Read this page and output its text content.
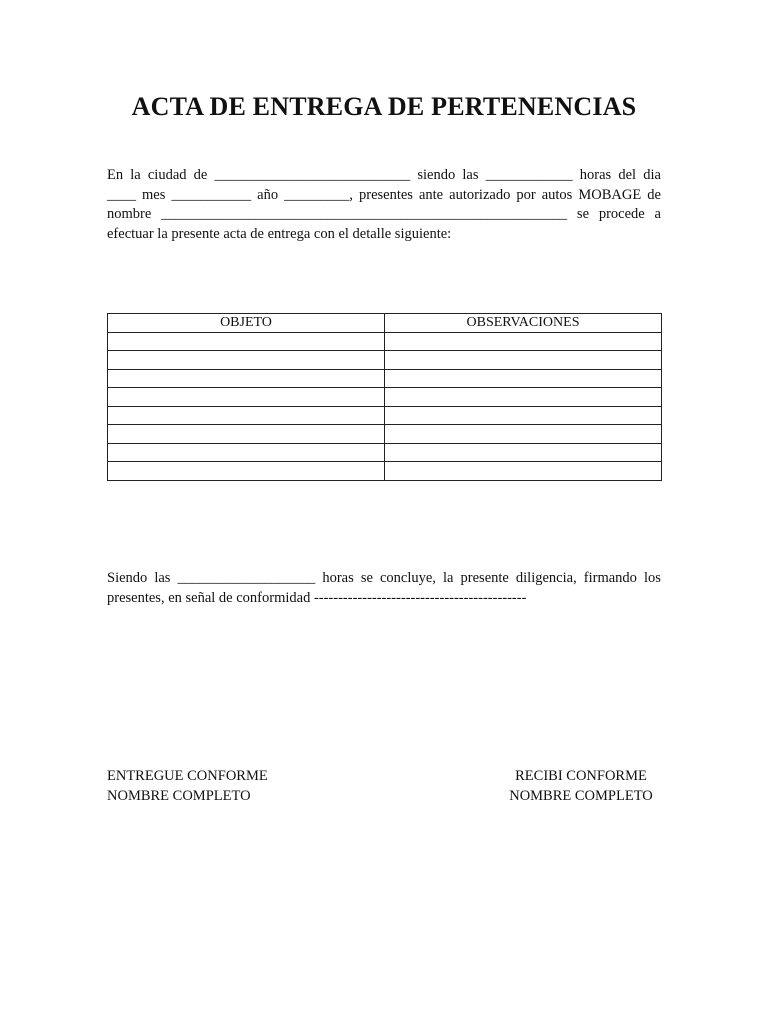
ACTA DE ENTREGA DE PERTENENCIAS
En la ciudad de ___________________________ siendo las ____________ horas del dia
____ mes ___________ año _________, presentes ante autorizado por autos MOBAGE de
nombre ________________________________________________________ se procede a
efectuar la presente acta de entrega con el detalle siguiente:
OBJETO	OBSERVACIONES

Siendo las ___________________ horas se concluye, la presente diligencia, firmando los
presentes, en señal de conformidad --------------------------------------------
ENTREGUE CONFORME
NOMBRE COMPLETO
RECIBI CONFORME
NOMBRE COMPLETO
